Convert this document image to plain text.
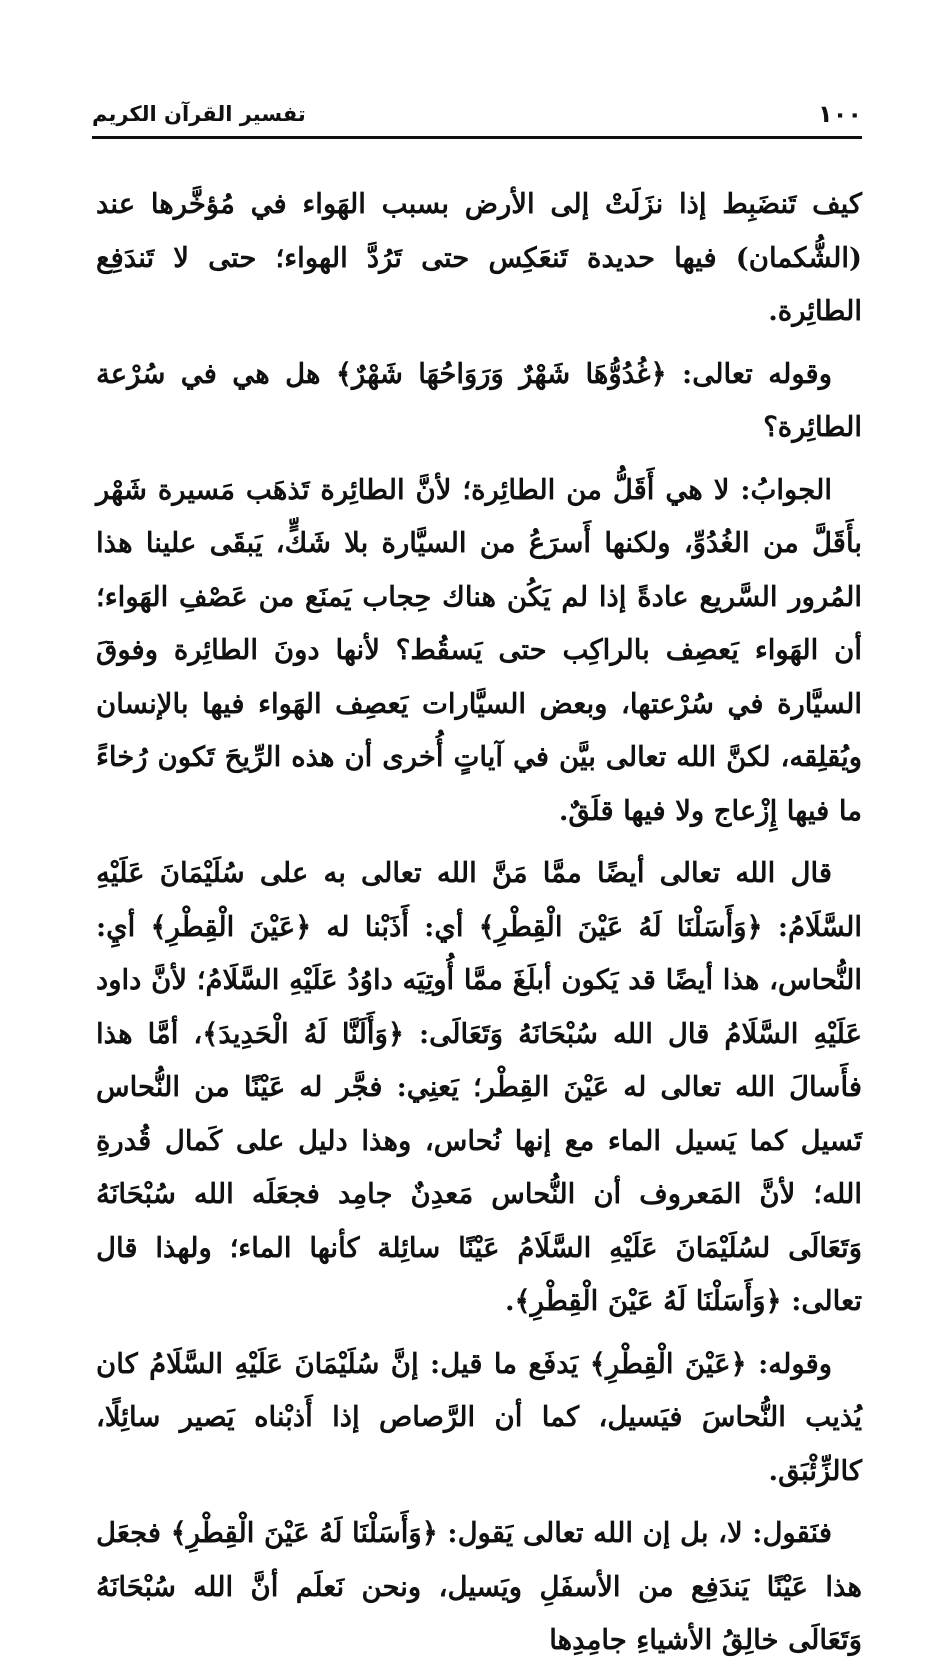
١٠٠
تفسير القرآن الكريم

كيف تَنضَبِط إذا نزَلَتْ إلى الأرض بسبب الهَواء في مُؤخَّرها عند (الشُّكمان) فيها حديدة تَنعَكِس حتى تَرُدَّ الهواء؛ حتى لا تَندَفِع الطائِرة.

وقوله تعالى: ﴿غُدُوُّهَا شَهْرٌ وَرَوَاحُهَا شَهْرٌ﴾ هل هي في سُرْعة الطائِرة؟

الجوابُ: لا هي أَقَلُّ من الطائِرة؛ لأنَّ الطائِرة تَذهَب مَسيرة شَهْر بأَقَلَّ من الغُدُوِّ، ولكنها أَسرَعُ من السيَّارة بلا شَكٍّ، يَبقَى علينا هذا المُرور السَّريع عادةً إذا لم يَكُن هناك حِجاب يَمنَع من عَصْفِ الهَواء؛ أن الهَواء يَعصِف بالراكِب حتى يَسقُط؟ لأنها دونَ الطائِرة وفوقَ السيَّارة في سُرْعتها، وبعض السيَّارات يَعصِف الهَواء فيها بالإنسان ويُقلِقه، لكنَّ الله تعالى بيَّن في آياتٍ أُخرى أن هذه الرِّيحَ تَكون رُخاءً ما فيها إِزْعاج ولا فيها قلَقٌ.

قال الله تعالى أيضًا ممَّا مَنَّ الله تعالى به على سُلَيْمَانَ عَلَيْهِ السَّلَامُ: ﴿وَأَسَلْنَا لَهُ عَيْنَ الْقِطْرِ﴾ أي: أَذَبْنا له ﴿عَيْنَ الْقِطْرِ﴾ أيِ: النُّحاس، هذا أيضًا قد يَكون أبلَغَ ممَّا أُوتِيَه داوُدُ عَلَيْهِ السَّلَامُ؛ لأنَّ داود عَلَيْهِ السَّلَامُ قال الله سُبْحَانَهُ وَتَعَالَى: ﴿وَأَلَنَّا لَهُ الْحَدِيدَ﴾، أمَّا هذا فأَسالَ الله تعالى له عَيْنَ القِطْر؛ يَعنِي: فجَّر له عَيْنًا من النُّحاس تَسيل كما يَسيل الماء مع إنها نُحاس، وهذا دليل على كَمال قُدرةِ الله؛ لأنَّ المَعروف أن النُّحاس مَعدِنٌ جامِد فجعَلَه الله سُبْحَانَهُ وَتَعَالَى لسُلَيْمَانَ عَلَيْهِ السَّلَامُ عَيْنًا سائِلة كأنها الماء؛ ولهذا قال تعالى: ﴿وَأَسَلْنَا لَهُ عَيْنَ الْقِطْرِ﴾.

وقوله: ﴿عَيْنَ الْقِطْرِ﴾ يَدفَع ما قيل: إنَّ سُلَيْمَانَ عَلَيْهِ السَّلَامُ كان يُذيب النُّحاسَ فيَسيل، كما أن الرَّصاص إذا أَذبْناه يَصير سائِلًا، كالزِّئْبَق.

فنَقول: لا، بل إن الله تعالى يَقول: ﴿وَأَسَلْنَا لَهُ عَيْنَ الْقِطْرِ﴾ فجعَل هذا عَيْنًا يَندَفِع من الأسفَلِ ويَسيل، ونحن نَعلَم أنَّ الله سُبْحَانَهُ وَتَعَالَى خالِقُ الأشياءِ جامِدِها
